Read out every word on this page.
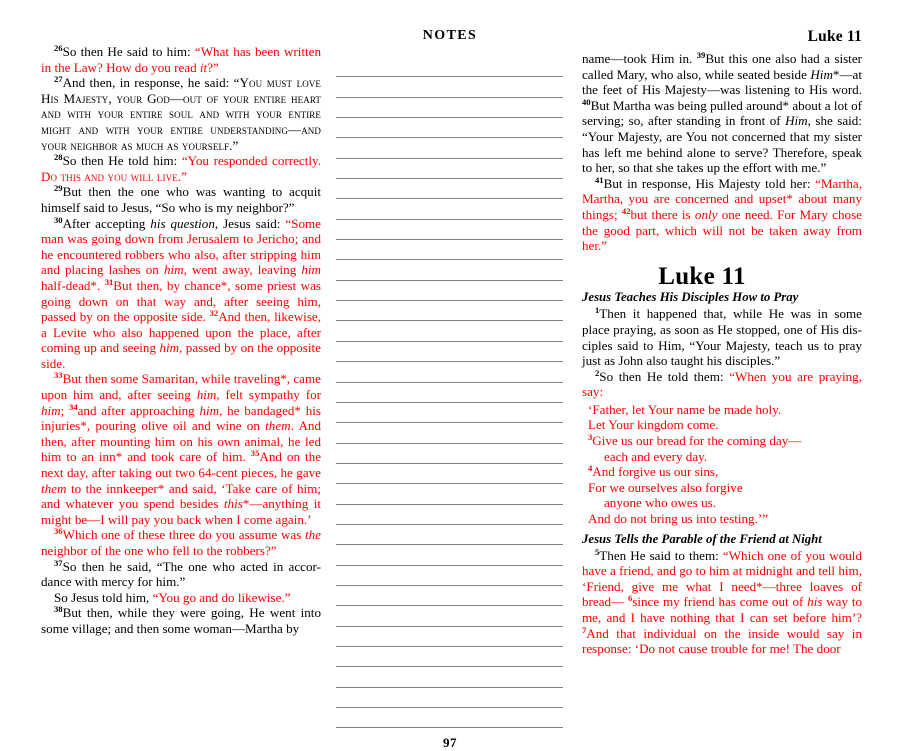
$^{26}$So then He said to him: “What has been written in the Law? How do you read it?”

$^{27}$And then, in response, he said: “You must love His Majesty, your God—out of your entire heart and with your entire soul and with your entire might and with your entire understanding—and your neighbor as much as yourself.”

$^{28}$So then He told him: “You responded correctly. Do this and you will live.”

$^{29}$But then the one who was wanting to acquit himself said to Jesus, “So who is my neighbor?”

$^{30}$After accepting his question, Jesus said: “Some man was going down from Jerusalem to Jericho; and he encountered robbers who also, after stripping him and placing lashes on him, went away, leaving him half-dead*. $^{31}$But then, by chance*, some priest was going down on that way and, after seeing him, passed by on the opposite side. $^{32}$And then, likewise, a Levite who also happened upon the place, after coming up and seeing him, passed by on the opposite side.

$^{33}$But then some Samaritan, while traveling*, came upon him and, after seeing him, felt sympathy for him; $^{34}$and after approaching him, he bandaged* his injuries*, pouring olive oil and wine on them. And then, after mounting him on his own animal, he led him to an inn* and took care of him. $^{35}$And on the next day, after taking out two 64-cent pieces, he gave them to the innkeeper* and said, ‘Take care of him; and whatever you spend besides this*—anything it might be—I will pay you back when I come again.’

$^{36}$Which one of these three do you assume was the neighbor of the one who fell to the robbers?”

$^{37}$So then he said, “The one who acted in accor-dance with mercy for him.”

So Jesus told him, “You go and do likewise.”

$^{38}$But then, while they were going, He went into some village; and then some woman—Martha by

NOTES
97
Luke 11

name—took Him in. $^{39}$But this one also had a sister called Mary, who also, while seated beside Him*—at the feet of His Majesty—was listening to His word. $^{40}$But Martha was being pulled around* about a lot of serving; so, after standing in front of Him, she said: “Your Majesty, are You not concerned that my sister has left me behind alone to serve? Therefore, speak to her, so that she takes up the effort with me.”

$^{41}$But in response, His Majesty told her: “Martha, Martha, you are concerned and upset* about many things; $^{42}$but there is only one need. For Mary chose the good part, which will not be taken away from her.”

Luke 11
Jesus Teaches His Disciples How to Pray

$^1$Then it happened that, while He was in some place praying, as soon as He stopped, one of His dis-ciples said to Him, “Your Majesty, teach us to pray just as John also taught his disciples.”

$^2$So then He told them: “When you are praying, say:

‘Father, let Your name be made holy.

Let Your kingdom come.

$^3$Give us our bread for the coming day—

each and every day.

$^4$And forgive us our sins,

For we ourselves also forgive

anyone who owes us.

And do not bring us into testing.’”

Jesus Tells the Parable of the Friend at Night

$^5$Then He said to them: “Which one of you would have a friend, and go to him at midnight and tell him, ‘Friend, give me what I need*—three loaves of bread— $^6$since my friend has come out of his way to me, and I have nothing that I can set before him’? $^7$And that individual on the inside would say in response: ‘Do not cause trouble for me! The door
